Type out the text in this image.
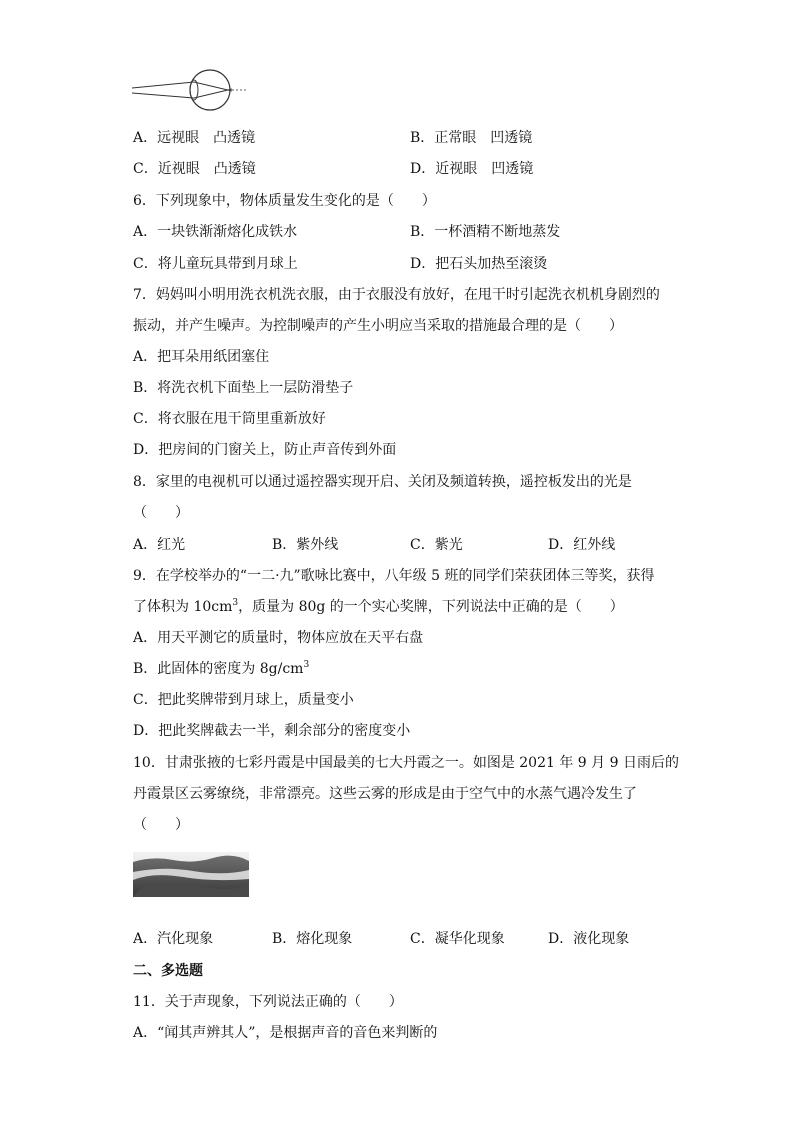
A．远视眼　凸透镜	B．正常眼　凹透镜
C．近视眼　凸透镜	D．近视眼　凹透镜
6．下列现象中，物体质量发生变化的是（　　）
A．一块铁渐渐熔化成铁水	B．一杯酒精不断地蒸发
C．将儿童玩具带到月球上	D．把石头加热至滚烫
7．妈妈叫小明用洗衣机洗衣服，由于衣服没有放好，在甩干时引起洗衣机机身剧烈的
振动，并产生噪声。为控制噪声的产生小明应当采取的措施最合理的是（　　）
A．把耳朵用纸团塞住
B．将洗衣机下面垫上一层防滑垫子
C．将衣服在甩干筒里重新放好
D．把房间的门窗关上，防止声音传到外面
8．家里的电视机可以通过遥控器实现开启、关闭及频道转换，遥控板发出的光是
（　　）
A．红光	B．紫外线	C．紫光	D．红外线
9．在学校举办的“一二·九”歌咏比赛中，八年级 5 班的同学们荣获团体三等奖，获得
了体积为 $10cm^3$，质量为 80g 的一个实心奖牌，下列说法中正确的是（　　）
A．用天平测它的质量时，物体应放在天平右盘
B．此固体的密度为 $8g/cm^3$
C．把此奖牌带到月球上，质量变小
D．把此奖牌截去一半，剩余部分的密度变小
10．甘肃张掖的七彩丹霞是中国最美的七大丹霞之一。如图是 2021 年 9 月 9 日雨后的
丹霞景区云雾缭绕，非常漂亮。这些云雾的形成是由于空气中的水蒸气遇冷发生了
（　　）
A．汽化现象	B．熔化现象	C．凝华化现象	D．液化现象
二、多选题
11．关于声现象，下列说法正确的（　　）
A．“闻其声辨其人”，是根据声音的音色来判断的
